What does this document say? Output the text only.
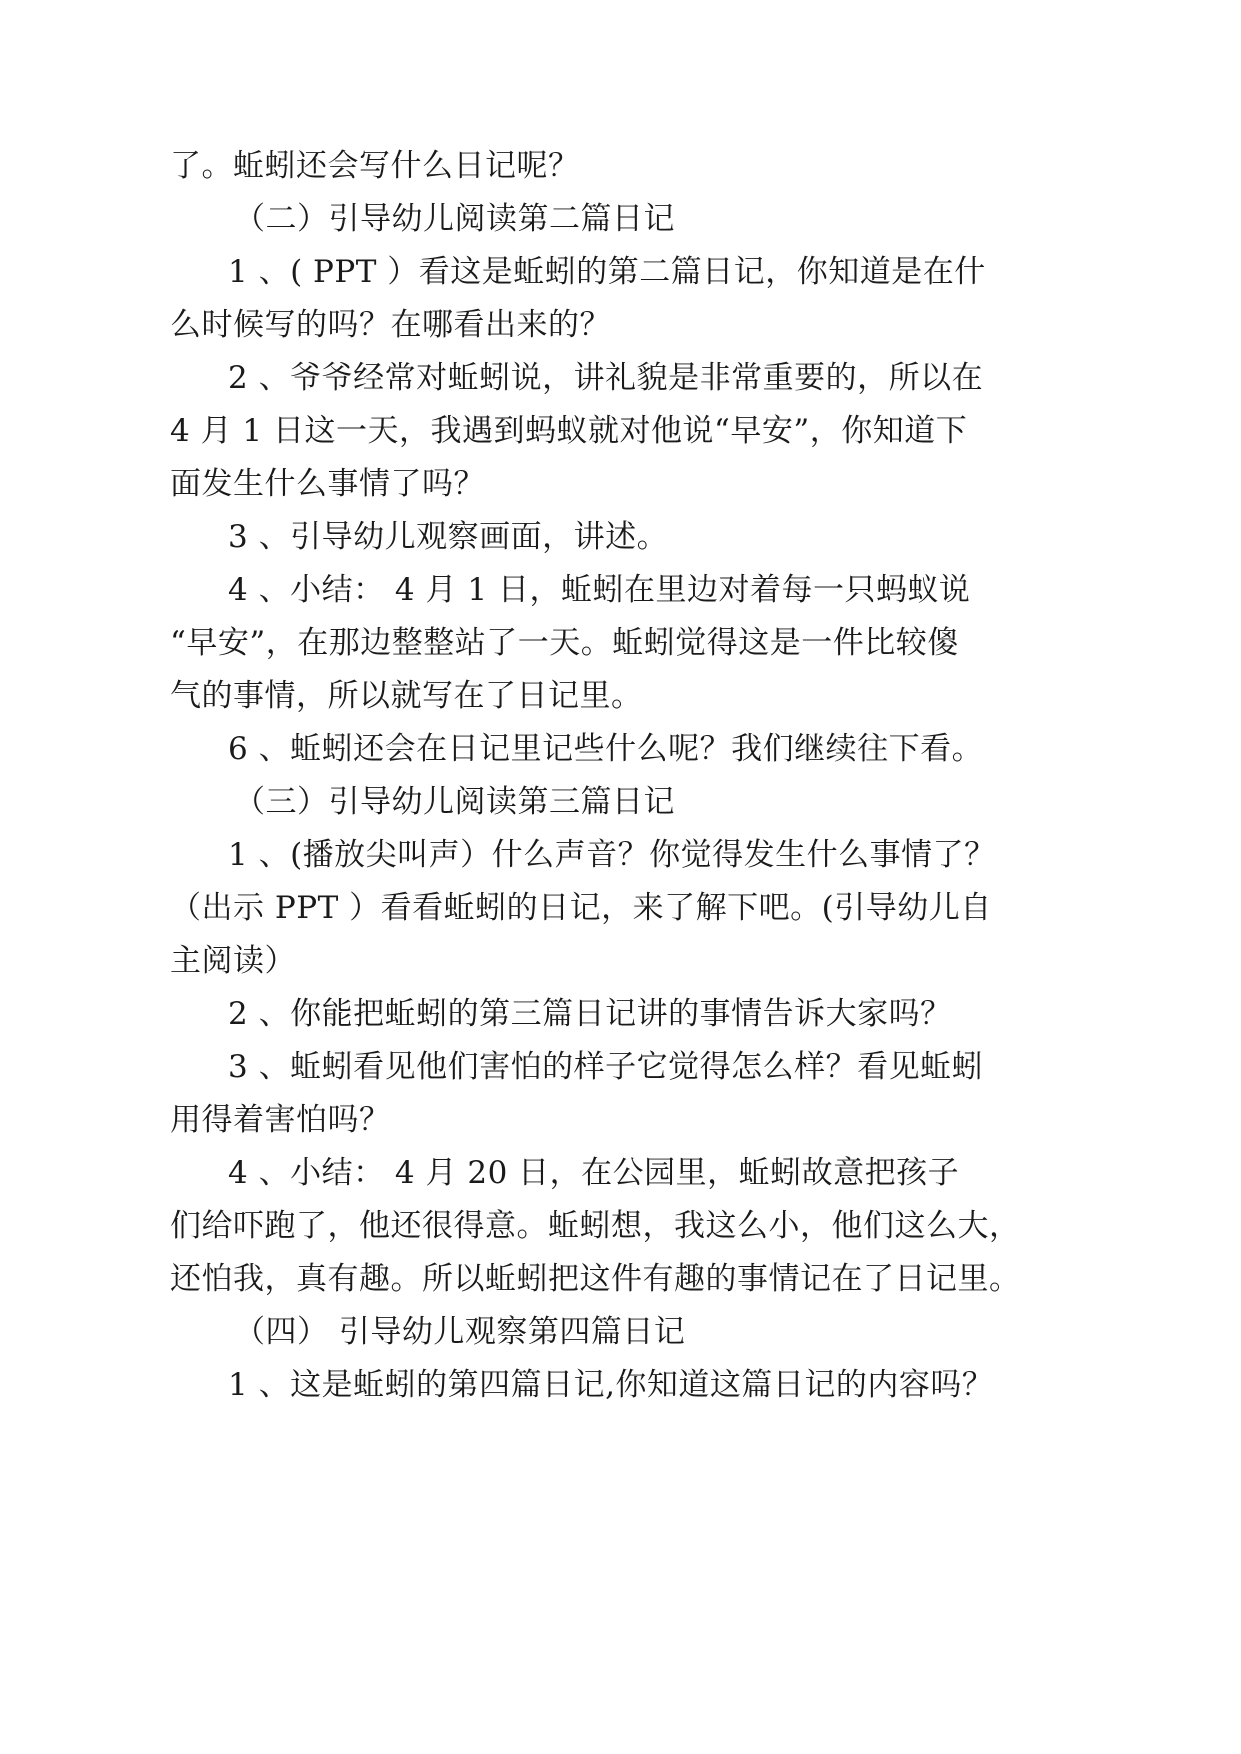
了。蚯蚓还会写什么日记呢？
（二）引导幼儿阅读第二篇日记
1 、( PPT ）看这是蚯蚓的第二篇日记，你知道是在什
么时候写的吗？在哪看出来的？
2 、爷爷经常对蚯蚓说，讲礼貌是非常重要的，所以在
4 月 1 日这一天，我遇到蚂蚁就对他说“早安”，你知道下
面发生什么事情了吗？
3 、引导幼儿观察画面，讲述。
4 、小结： 4 月 1 日，蚯蚓在里边对着每一只蚂蚁说
“早安”，在那边整整站了一天。蚯蚓觉得这是一件比较傻
气的事情，所以就写在了日记里。
6 、蚯蚓还会在日记里记些什么呢？我们继续往下看。
（三）引导幼儿阅读第三篇日记
1 、(播放尖叫声）什么声音？你觉得发生什么事情了？
（出示 PPT ）看看蚯蚓的日记，来了解下吧。(引导幼儿自
主阅读）
2 、你能把蚯蚓的第三篇日记讲的事情告诉大家吗？
3 、蚯蚓看见他们害怕的样子它觉得怎么样？看见蚯蚓
用得着害怕吗？
4 、小结： 4 月 20 日，在公园里，蚯蚓故意把孩子
们给吓跑了，他还很得意。蚯蚓想，我这么小，他们这么大，
还怕我，真有趣。所以蚯蚓把这件有趣的事情记在了日记里。
（四） 引导幼儿观察第四篇日记
1 、这是蚯蚓的第四篇日记,你知道这篇日记的内容吗？
